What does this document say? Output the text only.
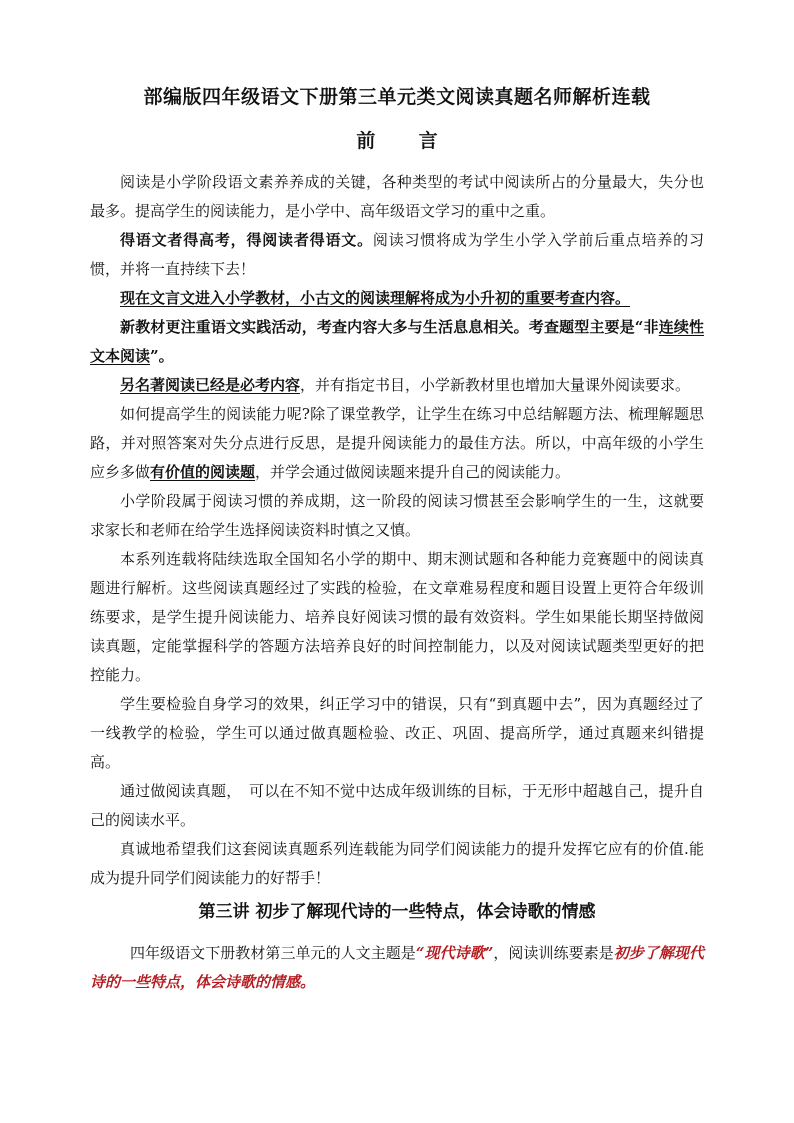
部编版四年级语文下册第三单元类文阅读真题名师解析连载
前 言

阅读是小学阶段语文素养养成的关键，各种类型的考试中阅读所占的分量最大，失分也最多。提高学生的阅读能力，是小学中、高年级语文学习的重中之重。

得语文者得高考，得阅读者得语文。阅读习惯将成为学生小学入学前后重点培养的习惯，并将一直持续下去！

现在文言文进入小学教材，小古文的阅读理解将成为小升初的重要考查内容。

新教材更注重语文实践活动，考查内容大多与生活息息相关。考查题型主要是“非连续性文本阅读”。

另名著阅读已经是必考内容，并有指定书目，小学新教材里也增加大量课外阅读要求。

如何提高学生的阅读能力呢?除了课堂教学，让学生在练习中总结解题方法、梳理解题思路，并对照答案对失分点进行反思，是提升阅读能力的最佳方法。所以，中高年级的小学生应乡多做有价值的阅读题，并学会通过做阅读题来提升自己的阅读能力。

小学阶段属于阅读习惯的养成期，这一阶段的阅读习惯甚至会影响学生的一生，这就要求家长和老师在给学生选择阅读资料时慎之又慎。

本系列连载将陆续选取全国知名小学的期中、期末测试题和各种能力竞赛题中的阅读真题进行解析。这些阅读真题经过了实践的检验，在文章难易程度和题目设置上更符合年级训练要求，是学生提升阅读能力、培养良好阅读习惯的最有效资料。学生如果能长期坚持做阅读真题，定能掌握科学的答题方法培养良好的时间控制能力，以及对阅读试题类型更好的把控能力。

学生要检验自身学习的效果，纠正学习中的错误，只有“到真题中去”，因为真题经过了一线教学的检验，学生可以通过做真题检验、改正、巩固、提高所学，通过真题来纠错提高。

通过做阅读真题，　可以在不知不觉中达成年级训练的目标，于无形中超越自己，提升自己的阅读水平。

真诚地希望我们这套阅读真题系列连载能为同学们阅读能力的提升发挥它应有的价值.能成为提升同学们阅读能力的好帮手！

第三讲 初步了解现代诗的一些特点，体会诗歌的情感

四年级语文下册教材第三单元的人文主题是“现代诗歌”，阅读训练要素是初步了解现代诗的一些特点，体会诗歌的情感。
